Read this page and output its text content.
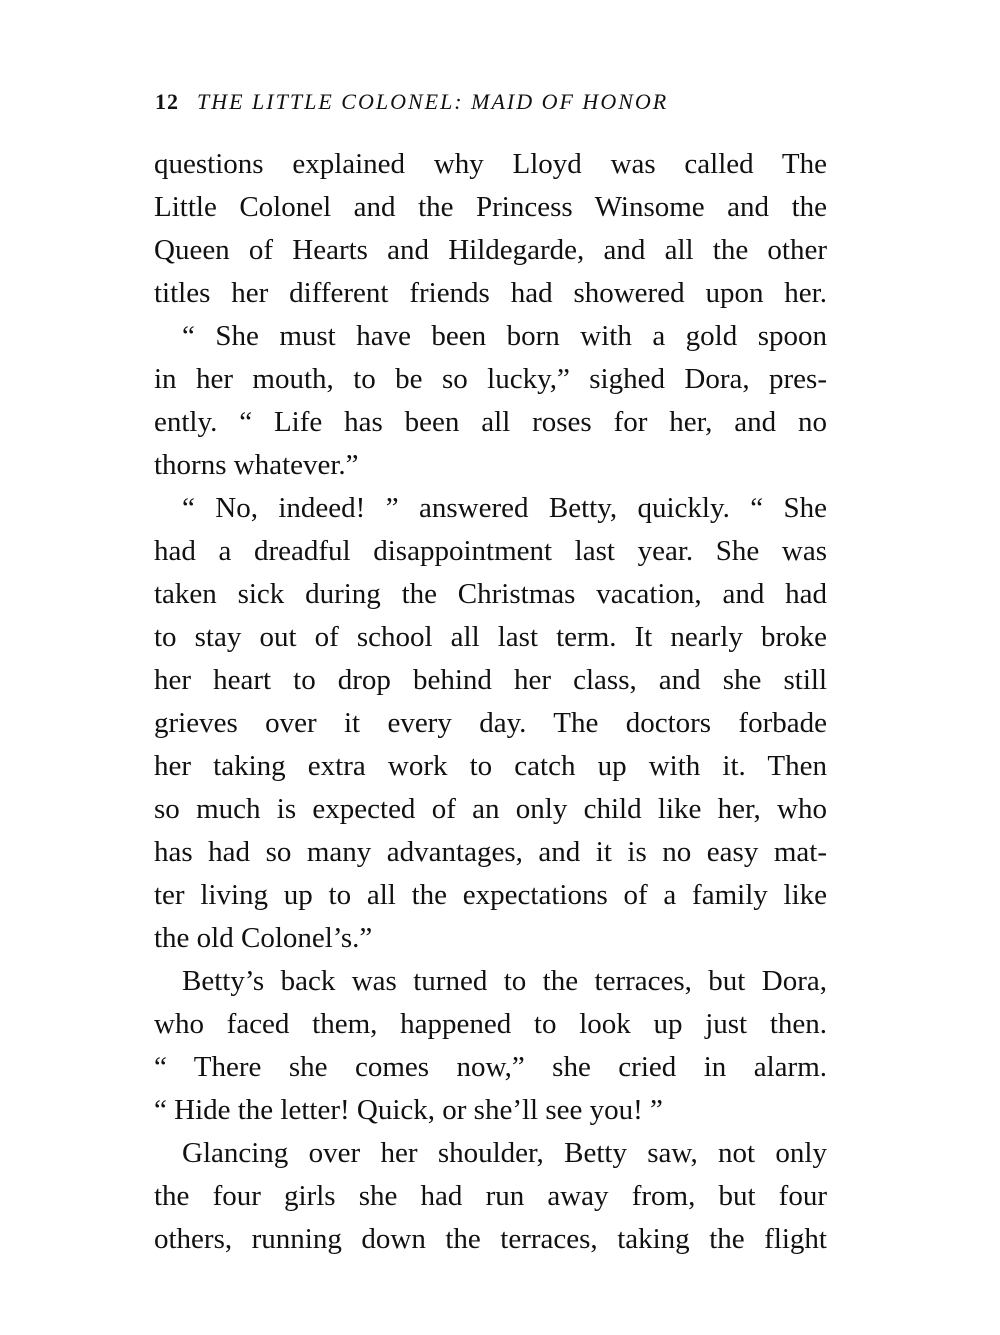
12 THE LITTLE COLONEL: MAID OF HONOR
questions explained why Lloyd was called The
Little Colonel and the Princess Winsome and the
Queen of Hearts and Hildegarde, and all the other
titles her different friends had showered upon her.
“ She must have been born with a gold spoon
in her mouth, to be so lucky,” sighed Dora, pres-
ently. “ Life has been all roses for her, and no
thorns whatever.”
“ No, indeed! ” answered Betty, quickly. “ She
had a dreadful disappointment last year. She was
taken sick during the Christmas vacation, and had
to stay out of school all last term. It nearly broke
her heart to drop behind her class, and she still
grieves over it every day. The doctors forbade
her taking extra work to catch up with it. Then
so much is expected of an only child like her, who
has had so many advantages, and it is no easy mat-
ter living up to all the expectations of a family like
the old Colonel’s.”
Betty’s back was turned to the terraces, but Dora,
who faced them, happened to look up just then.
“ There she comes now,” she cried in alarm.
“ Hide the letter! Quick, or she’ll see you! ”
Glancing over her shoulder, Betty saw, not only
the four girls she had run away from, but four
others, running down the terraces, taking the flight
